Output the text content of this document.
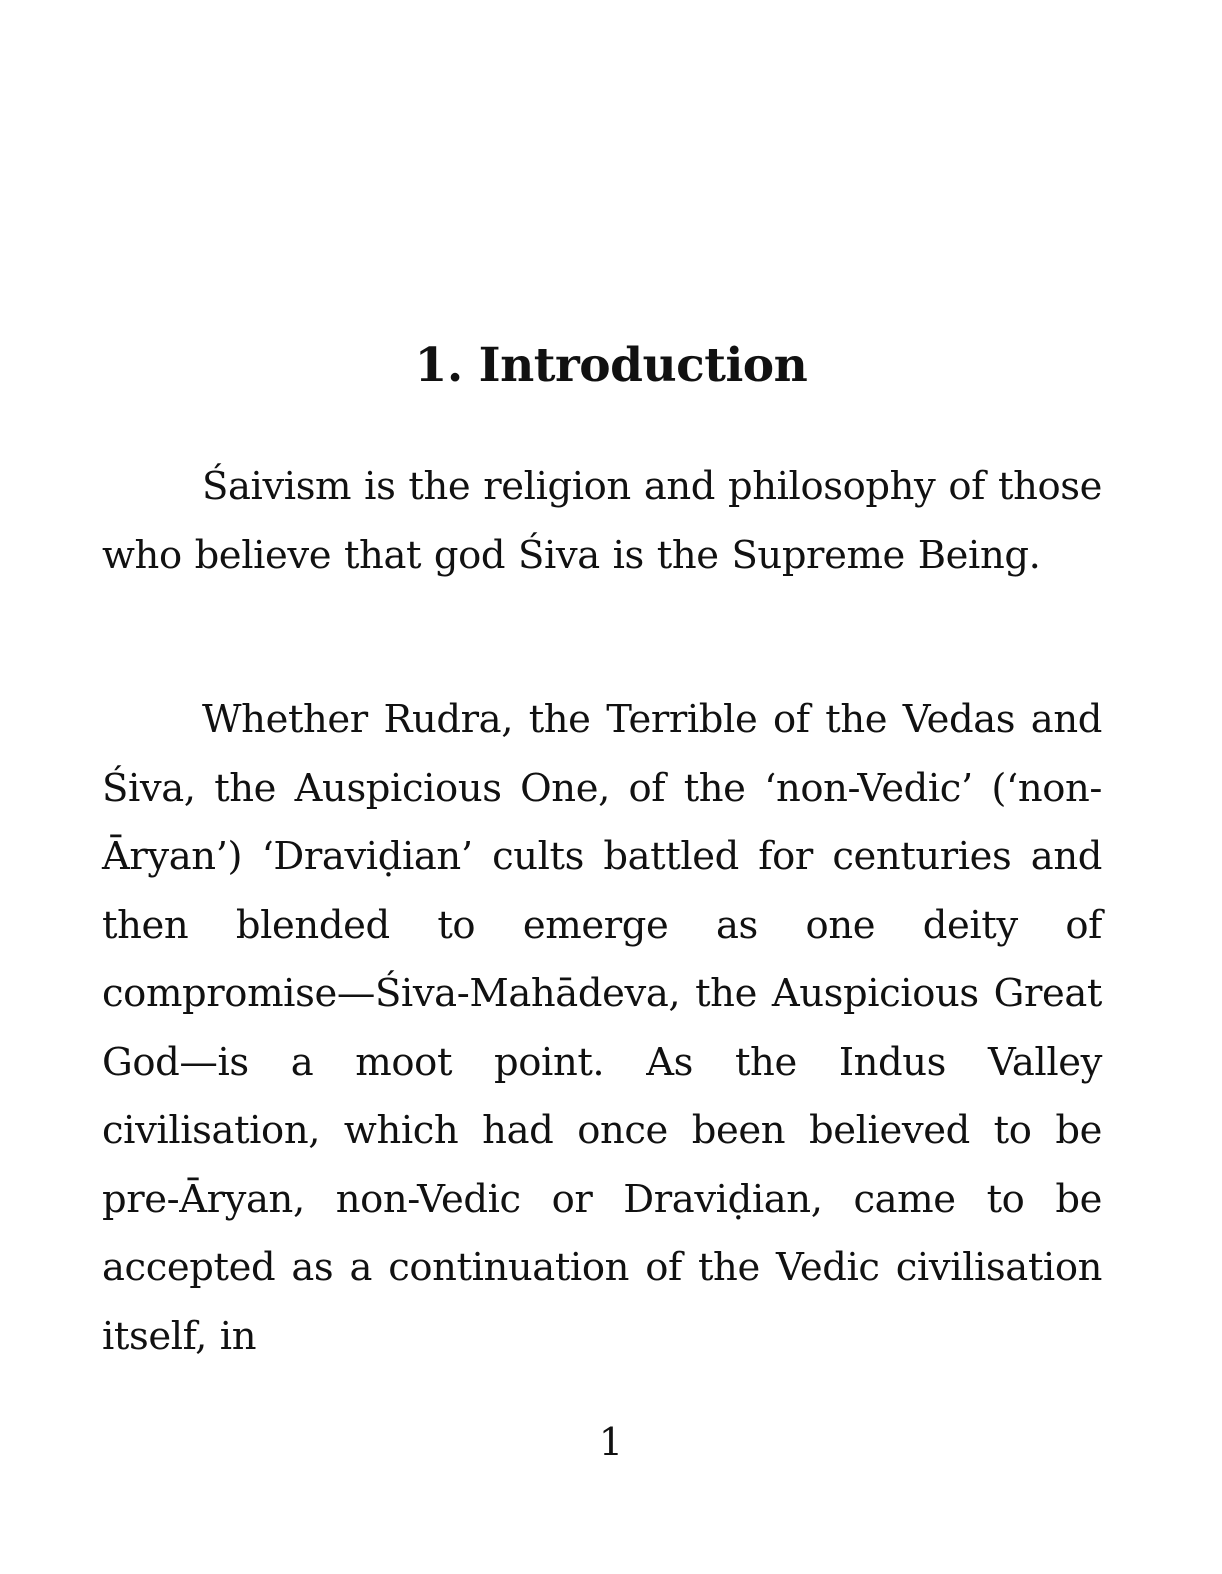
1. Introduction

Śaivism is the religion and philosophy of those who believe that god Śiva is the Supreme Being.

Whether Rudra, the Terrible of the Vedas and Śiva, the Auspicious One, of the ‘non-Vedic’ (‘non-Āryan’) ‘Draviḍian’ cults battled for centuries and then blended to emerge as one deity of compromise—Śiva-Mahādeva, the Auspicious Great God—is a moot point. As the Indus Valley civilisation, which had once been believed to be pre-Āryan, non-Vedic or Draviḍian, came to be accepted as a continuation of the Vedic civilisation itself, in

1
